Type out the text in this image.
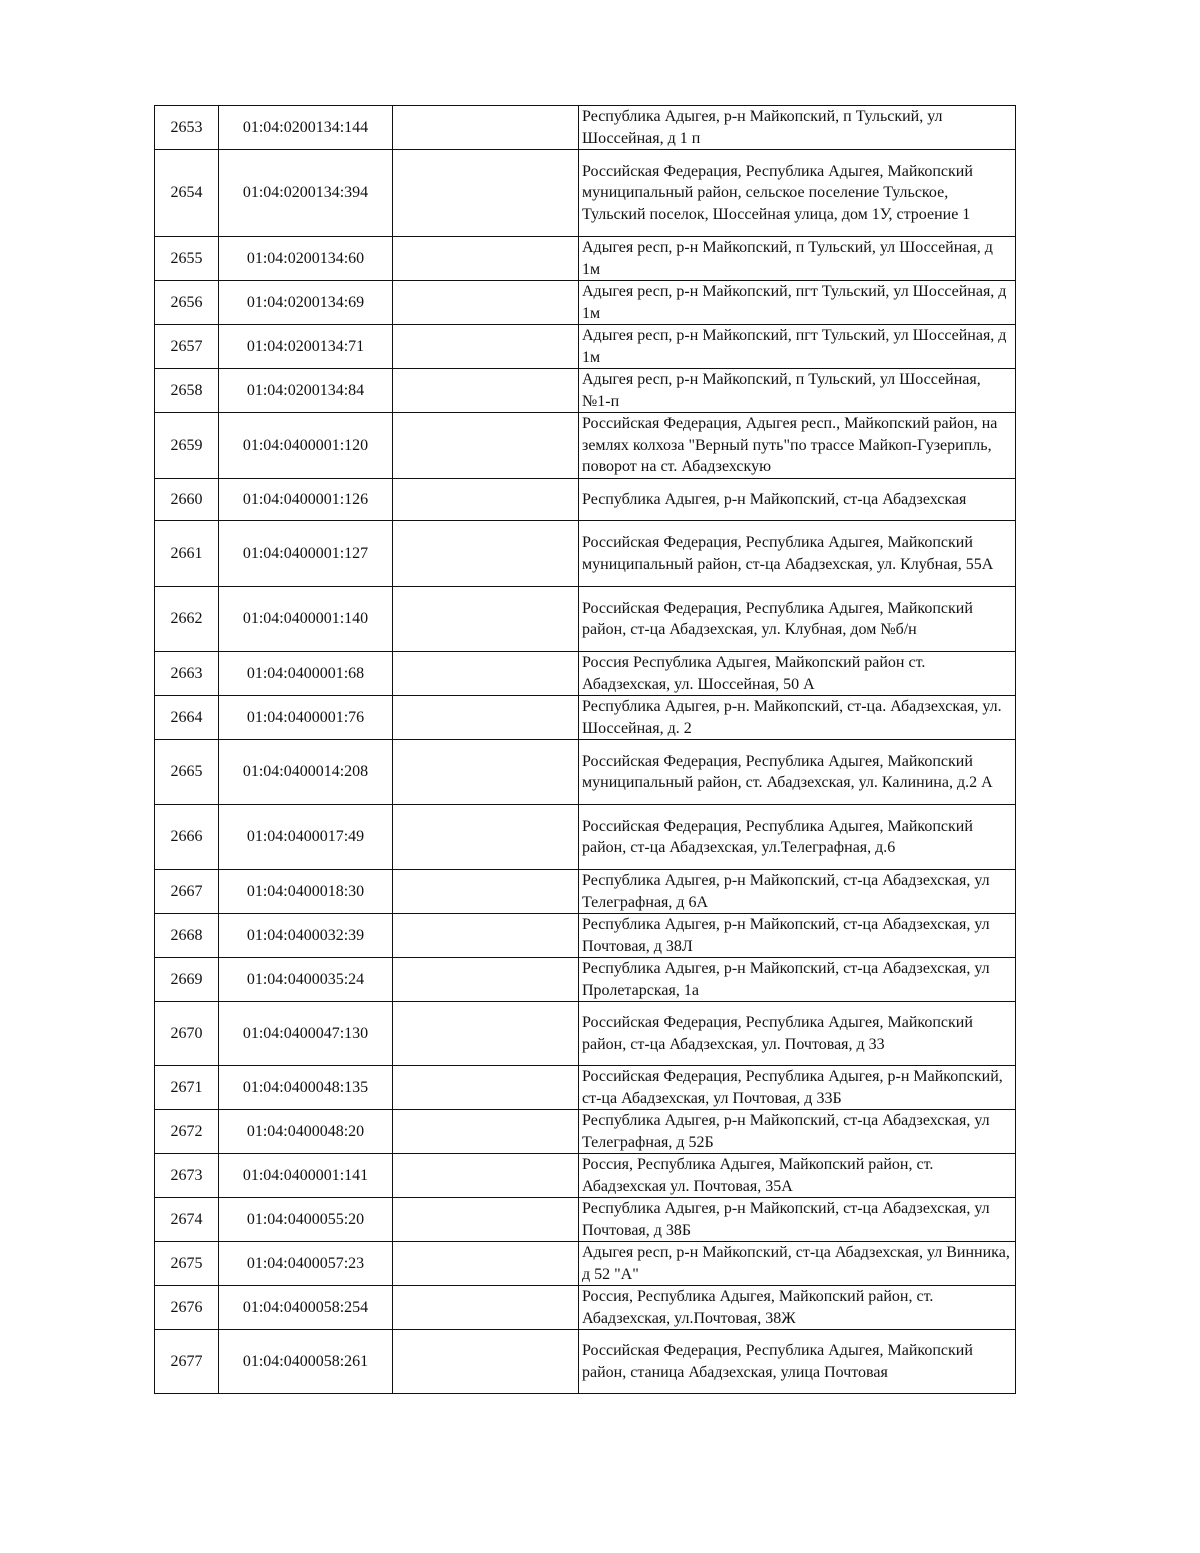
2653	01:04:0200134:144		Республика Адыгея, р-н Майкопский, п Тульский, ул Шоссейная, д 1 п

2654	01:04:0200134:394		Российская Федерация, Республика Адыгея, Майкопский муниципальный район, сельское поселение Тульское, Тульский поселок, Шоссейная улица, дом 1У, строение 1

2655	01:04:0200134:60		Адыгея респ, р-н Майкопский, п Тульский, ул Шоссейная, д 1м

2656	01:04:0200134:69		Адыгея респ, р-н Майкопский, пгт Тульский, ул Шоссейная, д 1м

2657	01:04:0200134:71		Адыгея респ, р-н Майкопский, пгт Тульский, ул Шоссейная, д 1м

2658	01:04:0200134:84		Адыгея респ, р-н Майкопский, п Тульский, ул Шоссейная, №1-п

2659	01:04:0400001:120		Российская Федерация, Адыгея респ., Майкопский район, на землях колхоза "Верный путь"по трассе Майкоп-Гузерипль, поворот на ст. Абадзехскую

2660	01:04:0400001:126		Республика Адыгея, р-н Майкопский, ст-ца Абадзехская

2661	01:04:0400001:127		Российская Федерация, Республика Адыгея, Майкопский муниципальный район, ст-ца Абадзехская, ул. Клубная, 55А

2662	01:04:0400001:140		Российская Федерация, Республика Адыгея, Майкопский район, ст-ца Абадзехская, ул. Клубная, дом №б/н

2663	01:04:0400001:68		Россия Республика Адыгея, Майкопский район ст. Абадзехская, ул. Шоссейная, 50 А

2664	01:04:0400001:76		Республика Адыгея, р-н. Майкопский, ст-ца. Абадзехская, ул. Шоссейная, д. 2

2665	01:04:0400014:208		Российская Федерация, Республика Адыгея, Майкопский муниципальный район, ст. Абадзехская, ул. Калинина, д.2 А

2666	01:04:0400017:49		Российская Федерация, Республика Адыгея, Майкопский район, ст-ца Абадзехская, ул.Телеграфная, д.6

2667	01:04:0400018:30		Республика Адыгея, р-н Майкопский, ст-ца Абадзехская, ул Телеграфная, д 6А

2668	01:04:0400032:39		Республика Адыгея, р-н Майкопский, ст-ца Абадзехская, ул Почтовая, д 38Л

2669	01:04:0400035:24		Республика Адыгея, р-н Майкопский, ст-ца Абадзехская, ул Пролетарская, 1а

2670	01:04:0400047:130		Российская Федерация, Республика Адыгея, Майкопский район, ст-ца Абадзехская, ул. Почтовая, д 33

2671	01:04:0400048:135		Российская Федерация, Республика Адыгея, р-н Майкопский, ст-ца Абадзехская, ул Почтовая, д 33Б

2672	01:04:0400048:20		Республика Адыгея, р-н Майкопский, ст-ца Абадзехская, ул Телеграфная, д 52Б

2673	01:04:0400001:141		Россия, Республика Адыгея, Майкопский район, ст. Абадзехская ул. Почтовая, 35А

2674	01:04:0400055:20		Республика Адыгея, р-н Майкопский, ст-ца Абадзехская, ул Почтовая, д 38Б

2675	01:04:0400057:23		Адыгея респ, р-н Майкопский, ст-ца Абадзехская, ул Винника, д 52 "А"

2676	01:04:0400058:254		Россия, Республика Адыгея, Майкопский район, ст. Абадзехская, ул.Почтовая, 38Ж

2677	01:04:0400058:261		Российская Федерация, Республика Адыгея, Майкопский район, станица Абадзехская, улица Почтовая
